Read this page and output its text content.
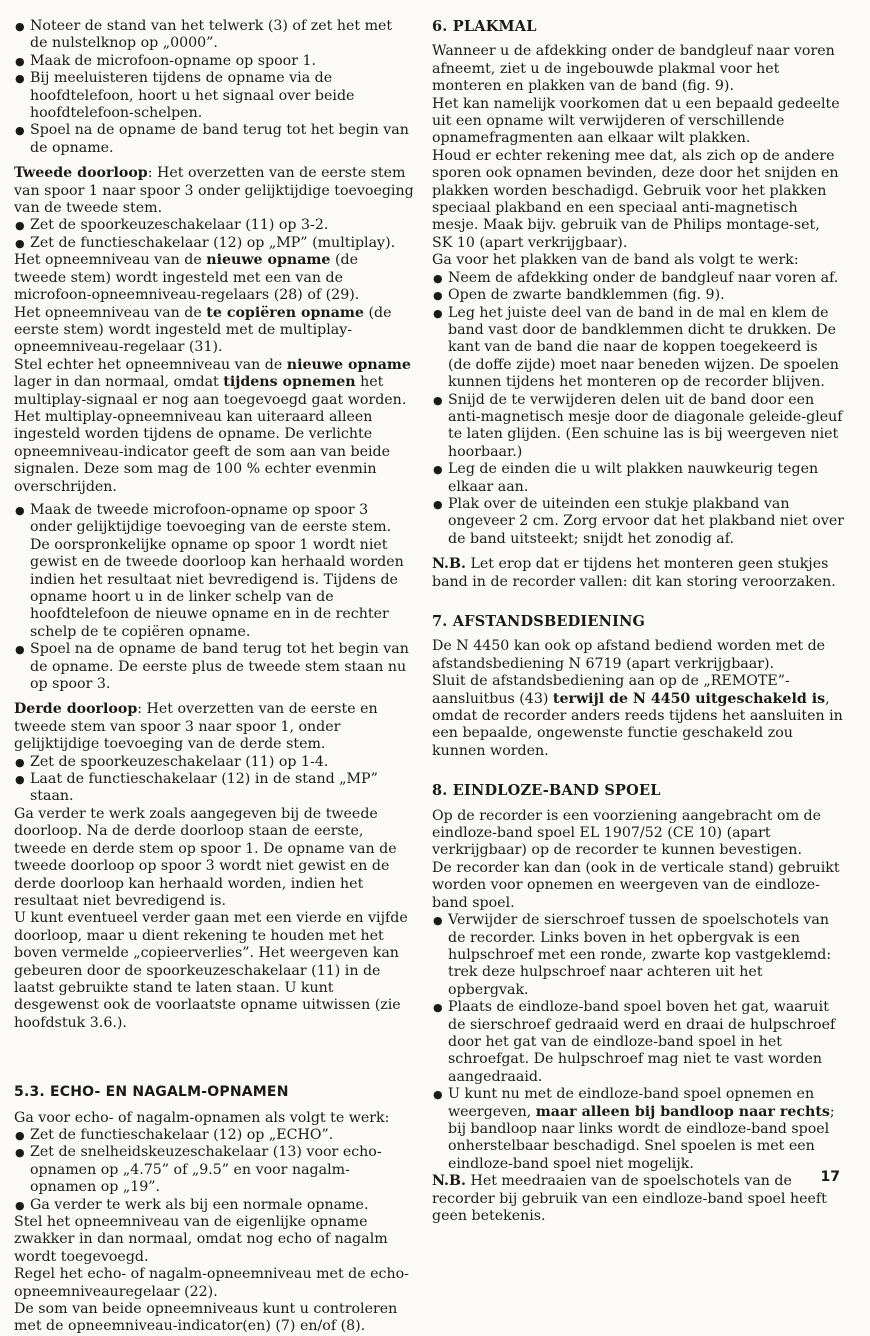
● Noteer de stand van het telwerk (3) of zet het met de nulstelknop op „0000”.

● Maak de microfoon-opname op spoor 1.

● Bij meeluisteren tijdens de opname via de hoofdtelefoon, hoort u het signaal over beide hoofdtelefoon-schelpen.

● Spoel na de opname de band terug tot het begin van de opname.

Tweede doorloop: Het overzetten van de eerste stem van spoor 1 naar spoor 3 onder gelijktijdige toevoeging van de tweede stem.

● Zet de spoorkeuzeschakelaar (11) op 3-2.

● Zet de functieschakelaar (12) op „MP” (multiplay).

Het opneemniveau van de nieuwe opname (de tweede stem) wordt ingesteld met een van de microfoon-opneemniveau-regelaars (28) of (29).

Het opneemniveau van de te copiëren opname (de eerste stem) wordt ingesteld met de multiplay-opneemniveau-regelaar (31).

Stel echter het opneemniveau van de nieuwe opname lager in dan normaal, omdat tijdens opnemen het multiplay-signaal er nog aan toegevoegd gaat worden. Het multiplay-opneemniveau kan uiteraard alleen ingesteld worden tijdens de opname. De verlichte opneemniveau-indicator geeft de som aan van beide signalen. Deze som mag de 100 % echter evenmin overschrijden.

● Maak de tweede microfoon-opname op spoor 3 onder gelijktijdige toevoeging van de eerste stem. De oorspronkelijke opname op spoor 1 wordt niet gewist en de tweede doorloop kan herhaald worden indien het resultaat niet bevredigend is. Tijdens de opname hoort u in de linker schelp van de hoofdtelefoon de nieuwe opname en in de rechter schelp de te copiëren opname.

● Spoel na de opname de band terug tot het begin van de opname. De eerste plus de tweede stem staan nu op spoor 3.

Derde doorloop: Het overzetten van de eerste en tweede stem van spoor 3 naar spoor 1, onder gelijktijdige toevoeging van de derde stem.

● Zet de spoorkeuzeschakelaar (11) op 1-4.

● Laat de functieschakelaar (12) in de stand „MP” staan.

Ga verder te werk zoals aangegeven bij de tweede doorloop. Na de derde doorloop staan de eerste, tweede en derde stem op spoor 1. De opname van de tweede doorloop op spoor 3 wordt niet gewist en de derde doorloop kan herhaald worden, indien het resultaat niet bevredigend is.

U kunt eventueel verder gaan met een vierde en vijfde doorloop, maar u dient rekening te houden met het boven vermelde „copieerverlies”. Het weergeven kan gebeuren door de spoorkeuzeschakelaar (11) in de laatst gebruikte stand te laten staan. U kunt desgewenst ook de voorlaatste opname uitwissen (zie hoofdstuk 3.6.).

5.3. ECHO- EN NAGALM-OPNAMEN

Ga voor echo- of nagalm-opnamen als volgt te werk:

● Zet de functieschakelaar (12) op „ECHO”.

● Zet de snelheidskeuzeschakelaar (13) voor echo-opnamen op „4.75” of „9.5” en voor nagalm-opnamen op „19”.

● Ga verder te werk als bij een normale opname.

Stel het opneemniveau van de eigenlijke opname zwakker in dan normaal, omdat nog echo of nagalm wordt toegevoegd.

Regel het echo- of nagalm-opneemniveau met de echo-opneemniveauregelaar (22).

De som van beide opneemniveaus kunt u controleren met de opneemniveau-indicator(en) (7) en/of (8).

6. PLAKMAL

Wanneer u de afdekking onder de bandgleuf naar voren afneemt, ziet u de ingebouwde plakmal voor het monteren en plakken van de band (fig. 9).

Het kan namelijk voorkomen dat u een bepaald gedeelte uit een opname wilt verwijderen of verschillende opnamefragmenten aan elkaar wilt plakken.

Houd er echter rekening mee dat, als zich op de andere sporen ook opnamen bevinden, deze door het snijden en plakken worden beschadigd. Gebruik voor het plakken speciaal plakband en een speciaal anti-magnetisch mesje. Maak bijv. gebruik van de Philips montage-set, SK 10 (apart verkrijgbaar).

Ga voor het plakken van de band als volgt te werk:

● Neem de afdekking onder de bandgleuf naar voren af.

● Open de zwarte bandklemmen (fig. 9).

● Leg het juiste deel van de band in de mal en klem de band vast door de bandklemmen dicht te drukken. De kant van de band die naar de koppen toegekeerd is (de doffe zijde) moet naar beneden wijzen. De spoelen kunnen tijdens het monteren op de recorder blijven.

● Snijd de te verwijderen delen uit de band door een anti-magnetisch mesje door de diagonale geleide-gleuf te laten glijden. (Een schuine las is bij weergeven niet hoorbaar.)

● Leg de einden die u wilt plakken nauwkeurig tegen elkaar aan.

● Plak over de uiteinden een stukje plakband van ongeveer 2 cm. Zorg ervoor dat het plakband niet over de band uitsteekt; snijdt het zonodig af.

N.B. Let erop dat er tijdens het monteren geen stukjes band in de recorder vallen: dit kan storing veroorzaken.

7. AFSTANDSBEDIENING

De N 4450 kan ook op afstand bediend worden met de afstandsbediening N 6719 (apart verkrijgbaar).

Sluit de afstandsbediening aan op de „REMOTE”-aansluitbus (43) terwijl de N 4450 uitgeschakeld is, omdat de recorder anders reeds tijdens het aansluiten in een bepaalde, ongewenste functie geschakeld zou kunnen worden.

8. EINDLOZE-BAND SPOEL

Op de recorder is een voorziening aangebracht om de eindloze-band spoel EL 1907/52 (CE 10) (apart verkrijgbaar) op de recorder te kunnen bevestigen.

De recorder kan dan (ook in de verticale stand) gebruikt worden voor opnemen en weergeven van de eindloze-band spoel.

● Verwijder de sierschroef tussen de spoelschotels van de recorder. Links boven in het opbergvak is een hulpschroef met een ronde, zwarte kop vastgeklemd: trek deze hulpschroef naar achteren uit het opbergvak.

● Plaats de eindloze-band spoel boven het gat, waaruit de sierschroef gedraaid werd en draai de hulpschroef door het gat van de eindloze-band spoel in het schroefgat. De hulpschroef mag niet te vast worden aangedraaid.

● U kunt nu met de eindloze-band spoel opnemen en weergeven, maar alleen bij bandloop naar rechts; bij bandloop naar links wordt de eindloze-band spoel onherstelbaar beschadigd. Snel spoelen is met een eindloze-band spoel niet mogelijk.

N.B. Het meedraaien van de spoelschotels van de recorder bij gebruik van een eindloze-band spoel heeft geen betekenis.

17
